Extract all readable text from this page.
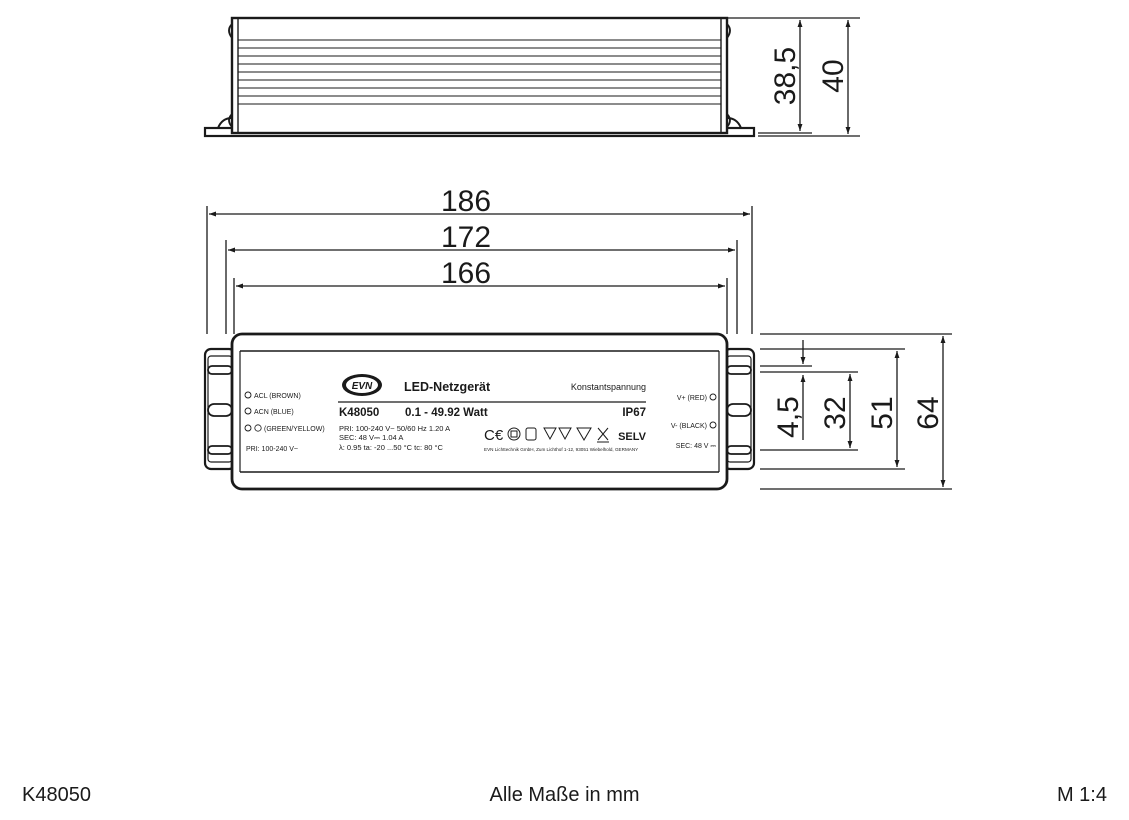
38,5 40
186
172
166
EVN	LED-Netzgerät	Konstantspannung
K48050 0.1 - 49.92 Watt	IP67
PRI: 100-240 V~ 50/60 Hz 1.20 A
SEC: 48 V⎓ 1.04 A
λ: 0.95 ta: -20 ...50 °C tc: 80 °C
C€	SELV
EVN Lichttechnik GmbH, Zum Lichthof 1-12, 93051 Wiebelhold, GERMANY
ACL (BROWN)
ACN (BLUE)
(GREEN/YELLOW)
PRI: 100-240 V~
V+ (RED)
V- (BLACK)
SEC: 48 V ⎓
4,5 32 51 64
K48050	Alle Maße in mm	M 1:4
